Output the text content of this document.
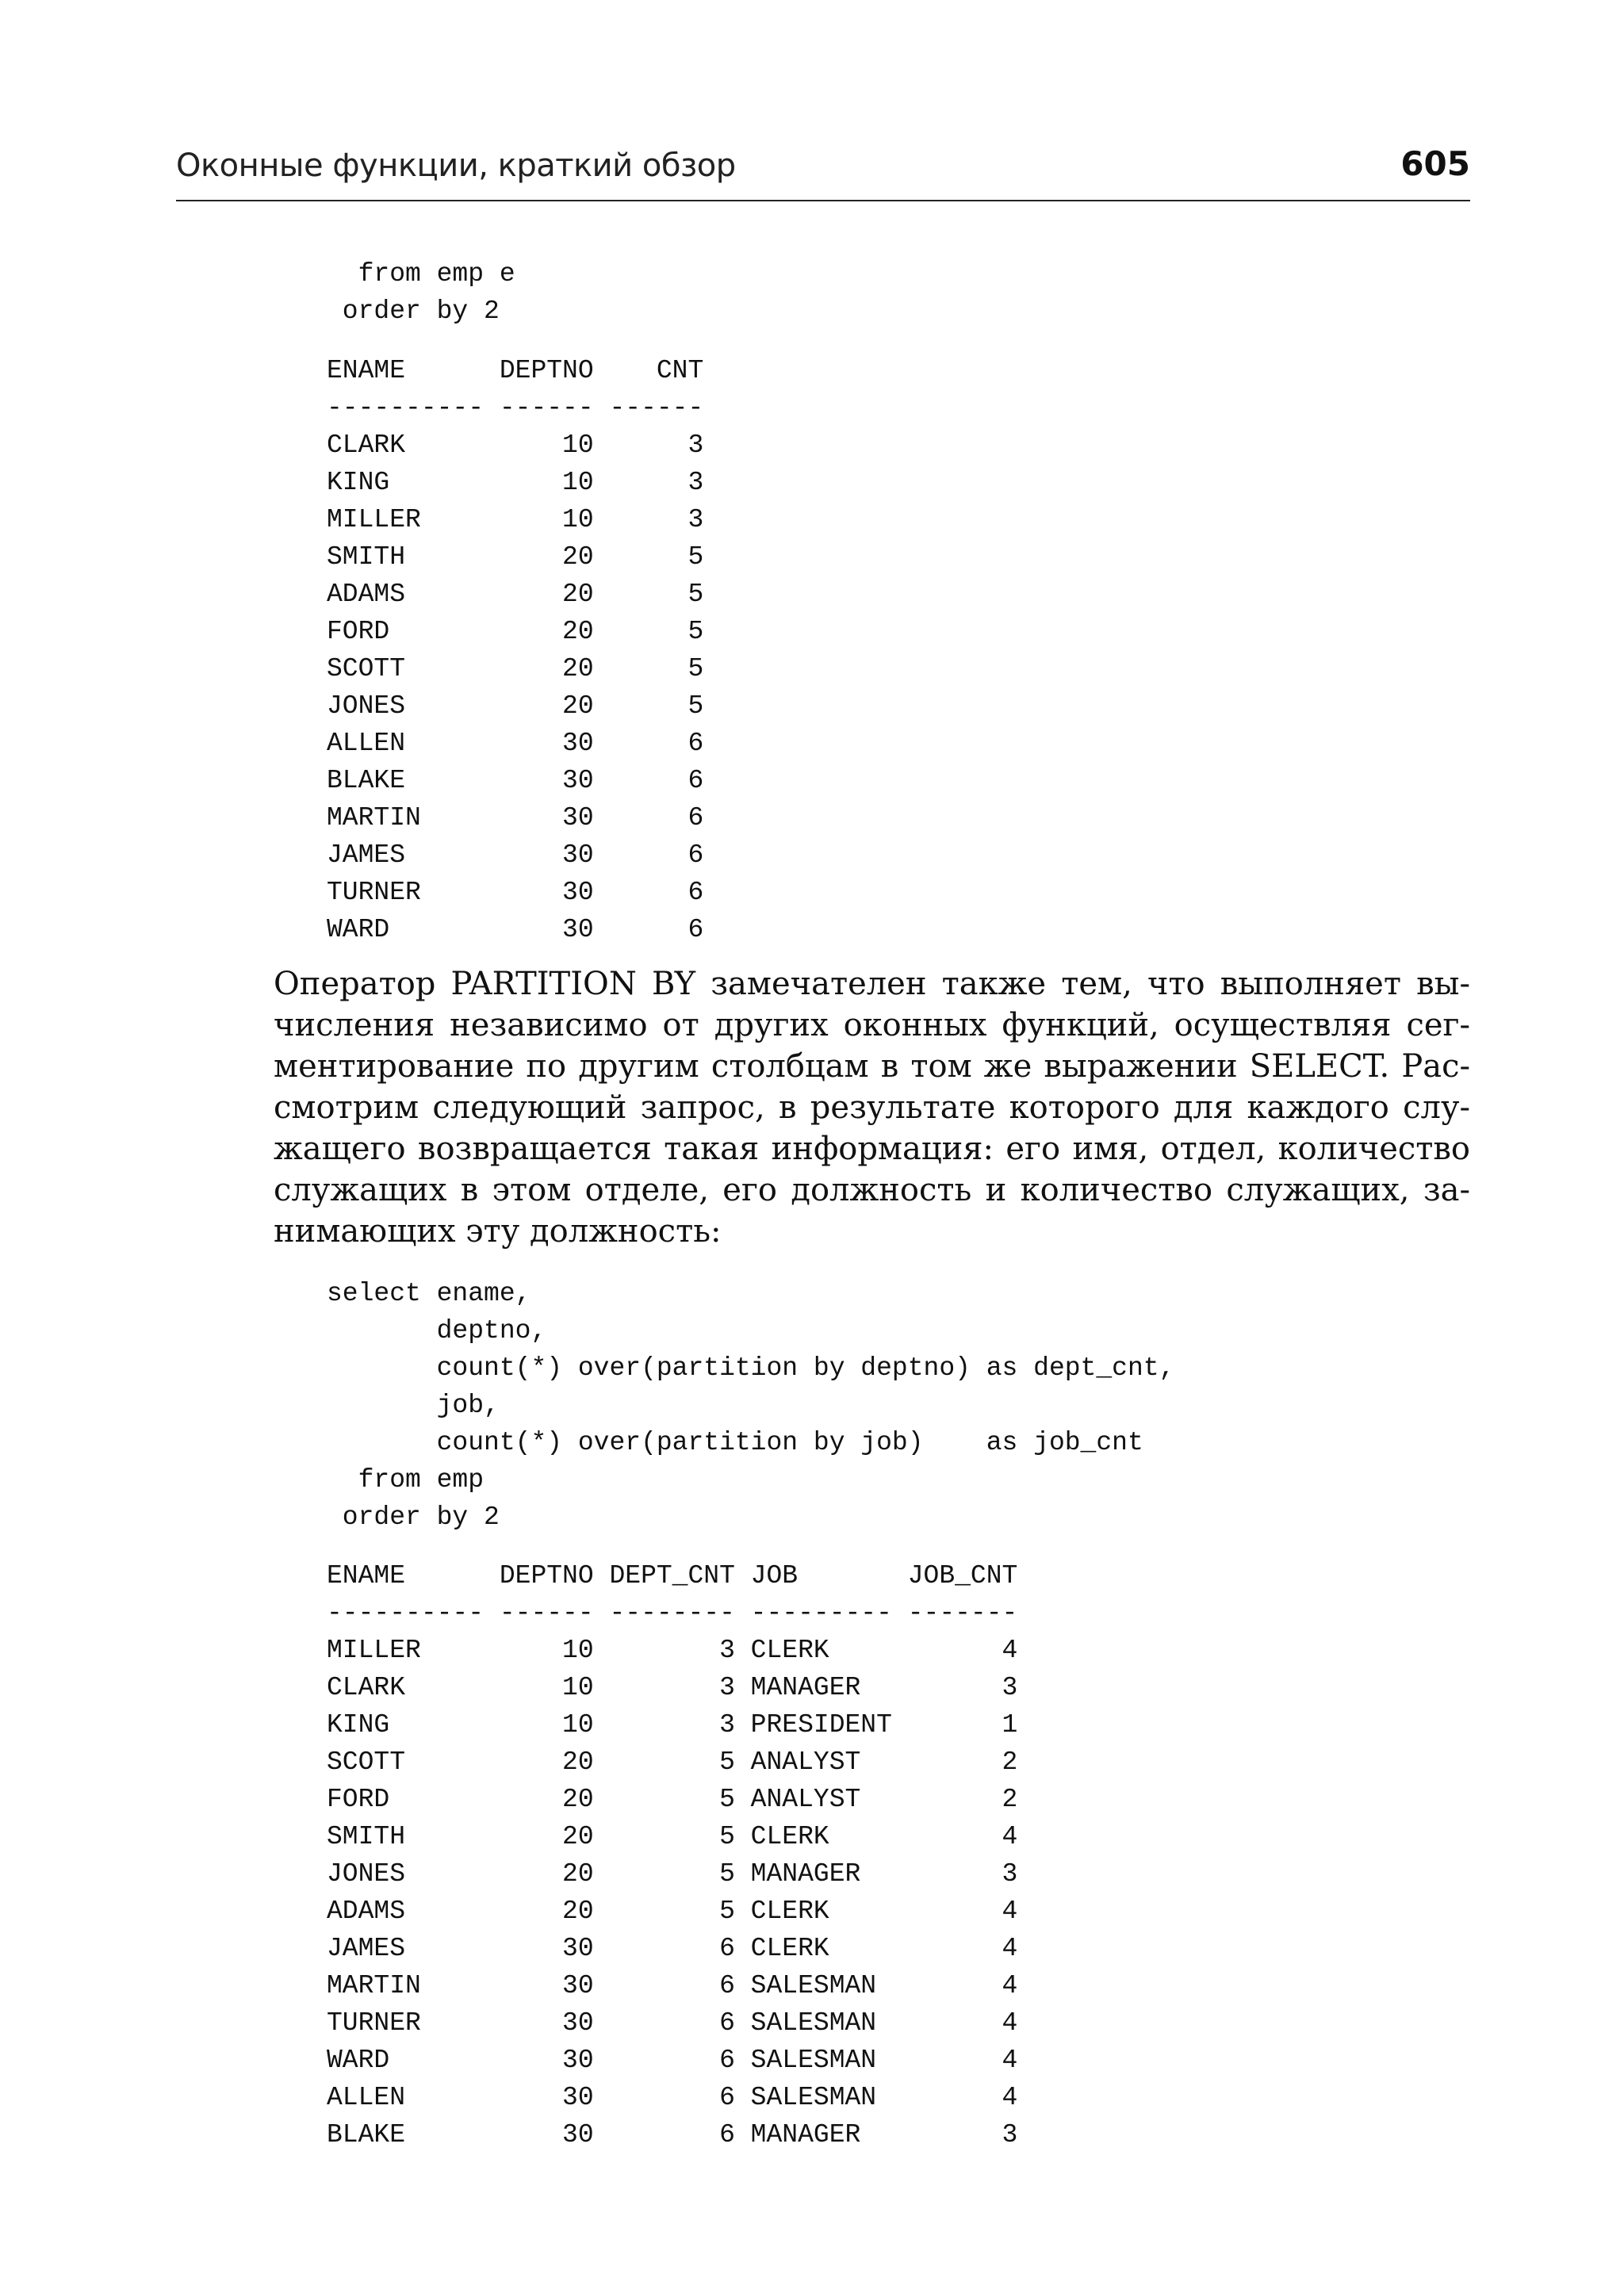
Оконные функции, краткий обзор	605
from emp e
order by 2
ENAME      DEPTNO    CNT
---------- ------ ------
CLARK          10      3
KING           10      3
MILLER         10      3
SMITH          20      5
ADAMS          20      5
FORD           20      5
SCOTT          20      5
JONES          20      5
ALLEN          30      6
BLAKE          30      6
MARTIN         30      6
JAMES          30      6
TURNER         30      6
WARD           30      6
Оператор PARTITION BY замечателен также тем, что выполняет вы-
числения независимо от других оконных функций, осуществляя сег-
ментирование по другим столбцам в том же выражении SELECT. Рас-
смотрим следующий запрос, в результате которого для каждого слу-
жащего возвращается такая информация: его имя, отдел, количество
служащих в этом отделе, его должность и количество служащих, за-
нимающих эту должность:
select ename,
deptno,
count(*) over(partition by deptno) as dept_cnt,
job,
count(*) over(partition by job)    as job_cnt
from emp
order by 2
ENAME      DEPTNO DEPT_CNT JOB       JOB_CNT
---------- ------ -------- --------- -------
MILLER         10        3 CLERK           4
CLARK          10        3 MANAGER         3
KING           10        3 PRESIDENT       1
SCOTT          20        5 ANALYST         2
FORD           20        5 ANALYST         2
SMITH          20        5 CLERK           4
JONES          20        5 MANAGER         3
ADAMS          20        5 CLERK           4
JAMES          30        6 CLERK           4
MARTIN         30        6 SALESMAN        4
TURNER         30        6 SALESMAN        4
WARD           30        6 SALESMAN        4
ALLEN          30        6 SALESMAN        4
BLAKE          30        6 MANAGER         3
